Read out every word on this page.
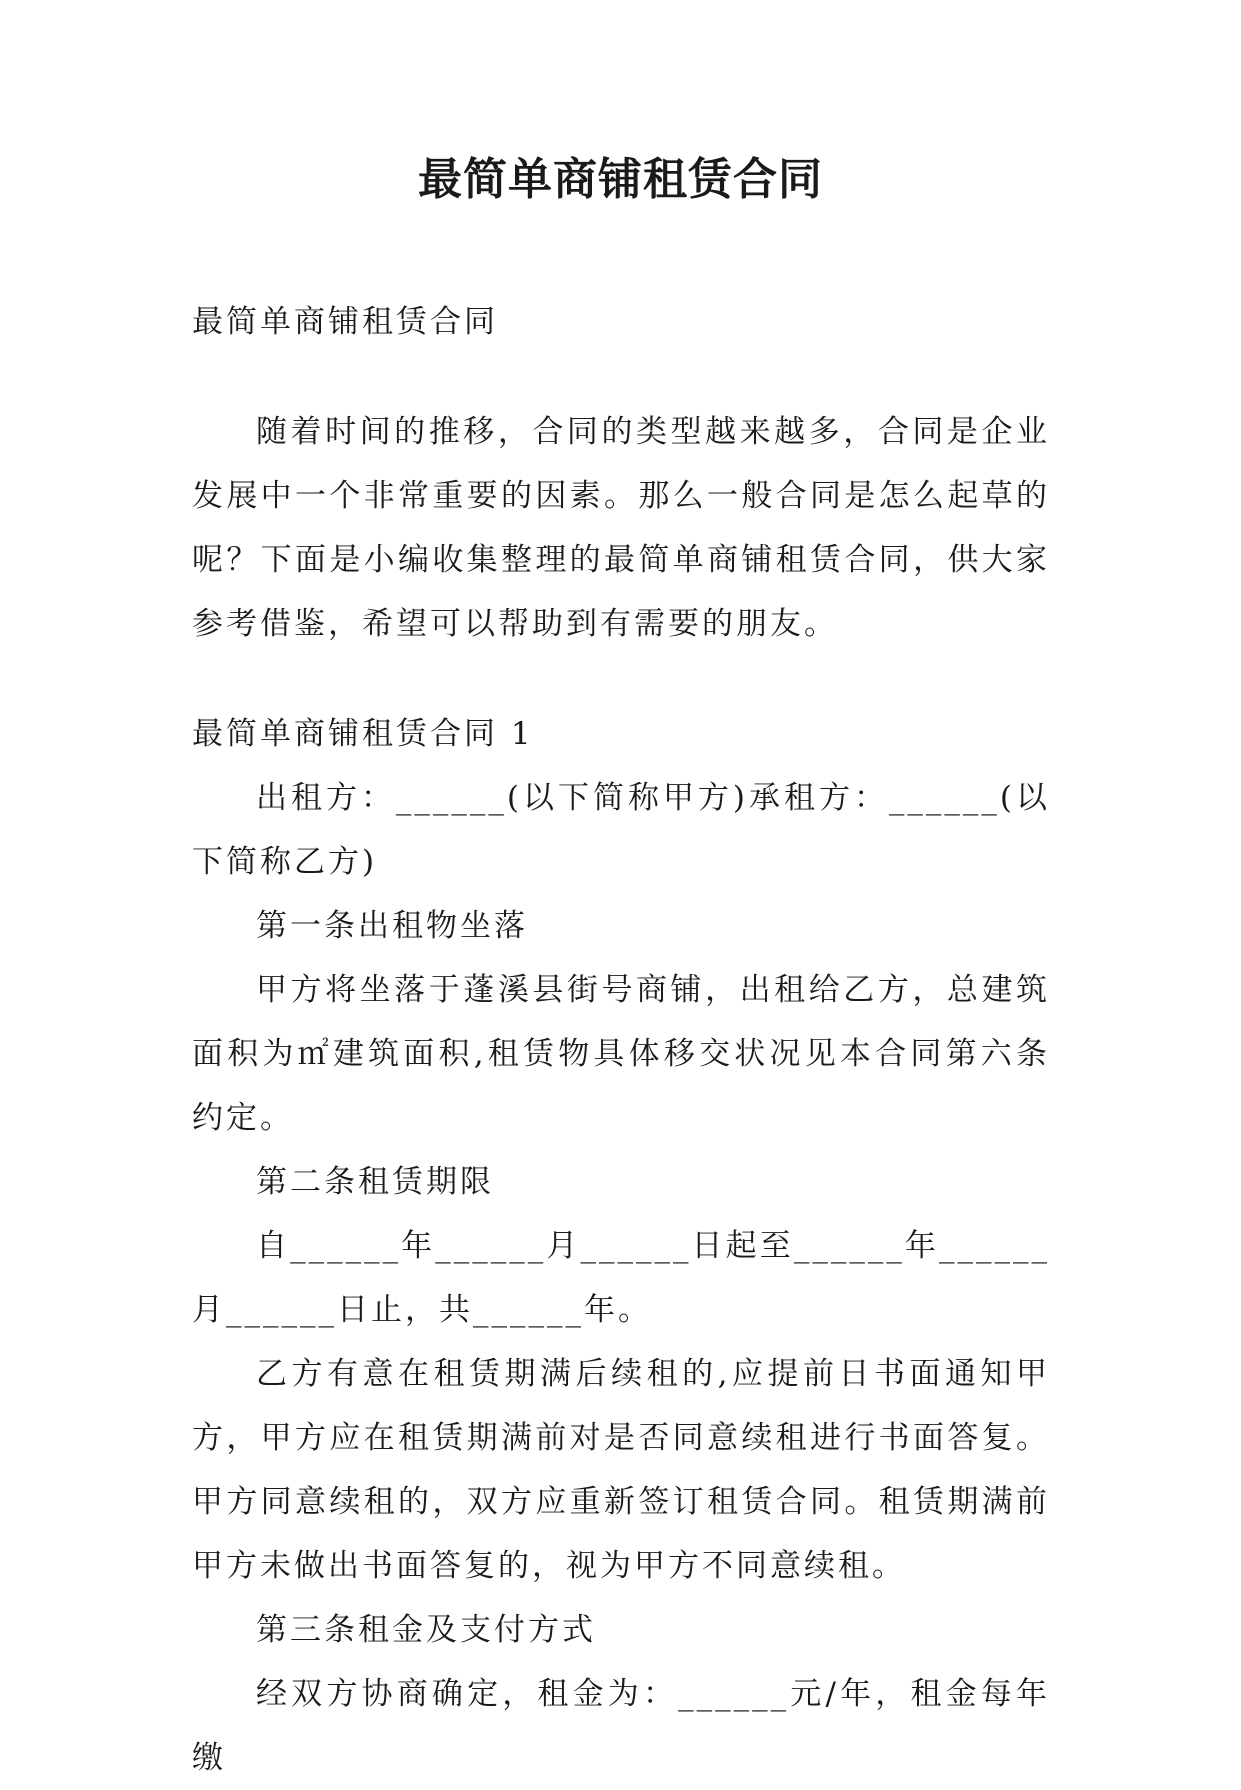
最简单商铺租赁合同

最简单商铺租赁合同

随着时间的推移，合同的类型越来越多，合同是企业发展中一个非常重要的因素。那么一般合同是怎么起草的呢？下面是小编收集整理的最简单商铺租赁合同，供大家参考借鉴，希望可以帮助到有需要的朋友。

最简单商铺租赁合同 1

出租方：______(以下简称甲方)承租方：______(以下简称乙方)

第一条出租物坐落

甲方将坐落于蓬溪县街号商铺，出租给乙方，总建筑面积为㎡建筑面积,租赁物具体移交状况见本合同第六条约定。

第二条租赁期限

自______年______月______日起至______年______月______日止，共______年。

乙方有意在租赁期满后续租的,应提前日书面通知甲方，甲方应在租赁期满前对是否同意续租进行书面答复。甲方同意续租的，双方应重新签订租赁合同。租赁期满前甲方未做出书面答复的，视为甲方不同意续租。

第三条租金及支付方式

经双方协商确定，租金为：______元/年，租金每年缴
